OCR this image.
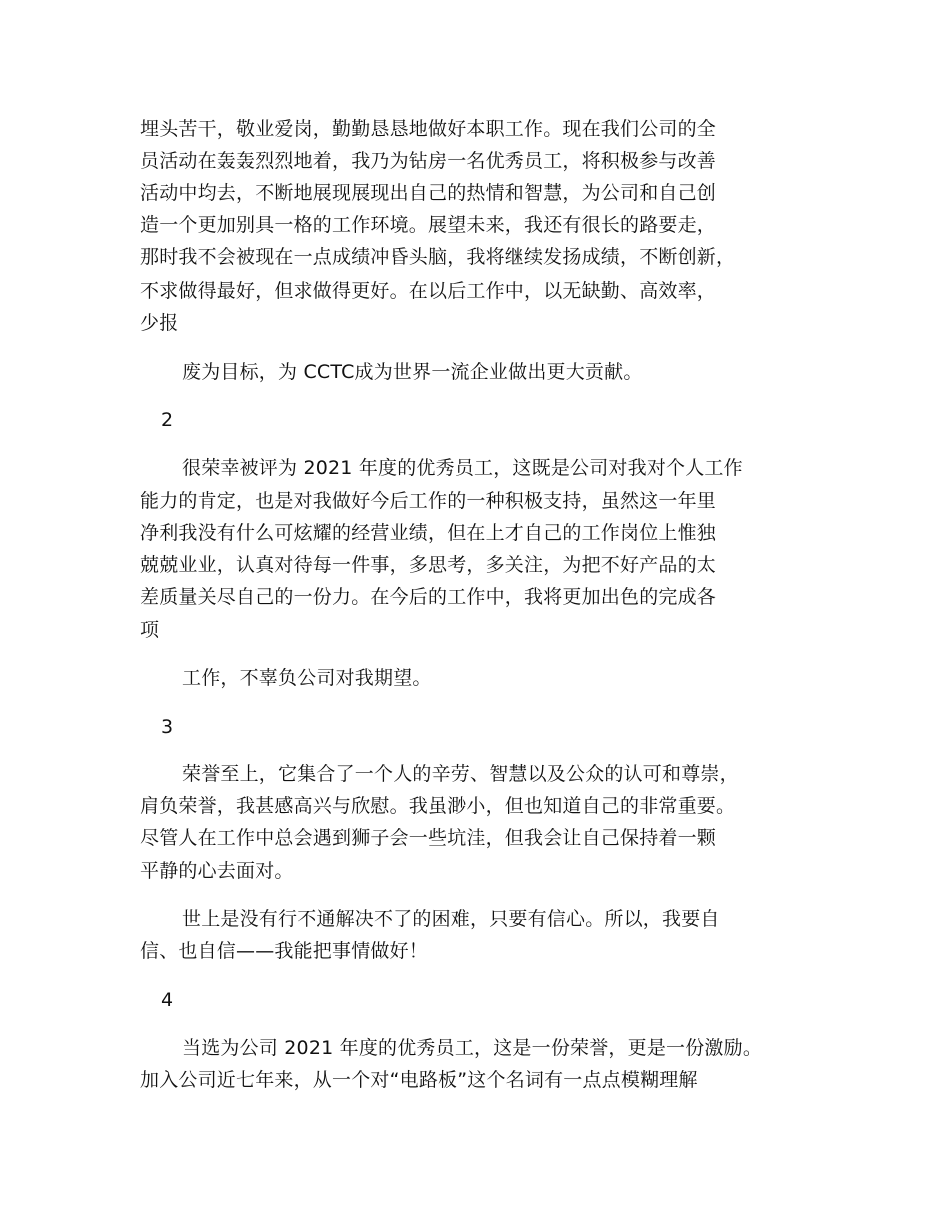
埋头苦干，敬业爱岗，勤勤恳恳地做好本职工作。现在我们公司的全
员活动在轰轰烈烈地着，我乃为钻房一名优秀员工，将积极参与改善
活动中均去，不断地展现展现出自己的热情和智慧，为公司和自己创
造一个更加别具一格的工作环境。展望未来，我还有很长的路要走，
那时我不会被现在一点成绩冲昏头脑，我将继续发扬成绩，不断创新，
不求做得最好，但求做得更好。在以后工作中，以无缺勤、高效率，
少报
废为目标，为 CCTC成为世界一流企业做出更大贡献。
2
很荣幸被评为 2021 年度的优秀员工，这既是公司对我对个人工作
能力的肯定，也是对我做好今后工作的一种积极支持，虽然这一年里
净利我没有什么可炫耀的经营业绩，但在上才自己的工作岗位上惟独
兢兢业业，认真对待每一件事，多思考，多关注，为把不好产品的太
差质量关尽自己的一份力。在今后的工作中，我将更加出色的完成各
项
工作，不辜负公司对我期望。
3
荣誉至上，它集合了一个人的辛劳、智慧以及公众的认可和尊崇，
肩负荣誉，我甚感高兴与欣慰。我虽渺小，但也知道自己的非常重要。
尽管人在工作中总会遇到狮子会一些坑洼，但我会让自己保持着一颗
平静的心去面对。
世上是没有行不通解决不了的困难，只要有信心。所以，我要自
信、也自信——我能把事情做好！
4
当选为公司 2021 年度的优秀员工，这是一份荣誉，更是一份激励。
加入公司近七年来，从一个对“电路板”这个名词有一点点模糊理解
